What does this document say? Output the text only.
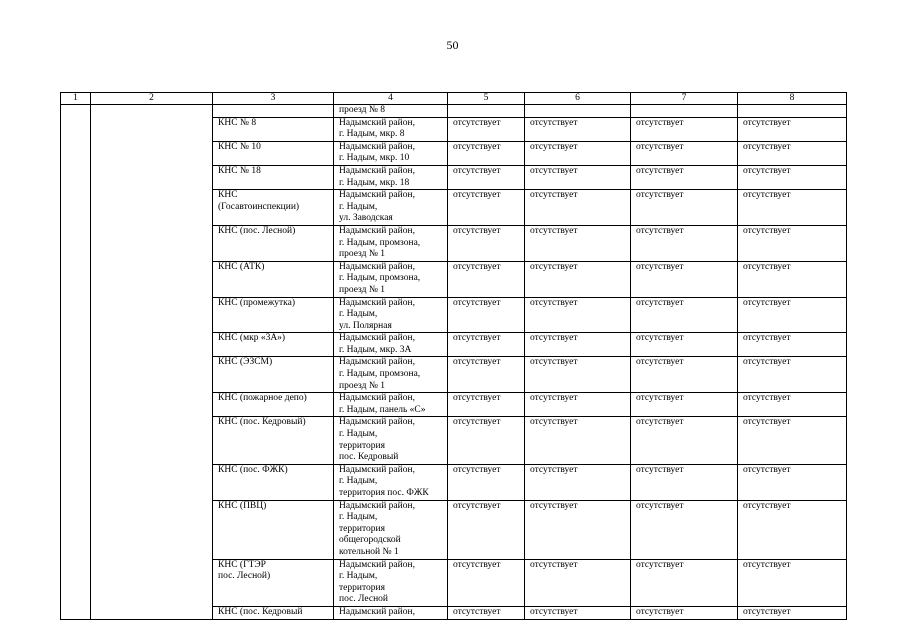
50
1	2	3	4	5	6	7	8
			проезд № 8				
		КНС № 8	Надымский район,
г. Надым, мкр. 8	отсутствует	отсутствует	отсутствует	отсутствует
		КНС № 10	Надымский район,
г. Надым, мкр. 10	отсутствует	отсутствует	отсутствует	отсутствует
		КНС № 18	Надымский район,
г. Надым, мкр. 18	отсутствует	отсутствует	отсутствует	отсутствует
		КНС
(Госавтоинспекции)	Надымский район,
г. Надым,
ул. Заводская	отсутствует	отсутствует	отсутствует	отсутствует
		КНС (пос. Лесной)	Надымский район,
г. Надым, промзона,
проезд № 1	отсутствует	отсутствует	отсутствует	отсутствует
		КНС (АТК)	Надымский район,
г. Надым, промзона,
проезд № 1	отсутствует	отсутствует	отсутствует	отсутствует
		КНС (промежутка)	Надымский район,
г. Надым,
ул. Полярная	отсутствует	отсутствует	отсутствует	отсутствует
		КНС (мкр «3А»)	Надымский район,
г. Надым, мкр. 3А	отсутствует	отсутствует	отсутствует	отсутствует
		КНС (ЭЗСМ)	Надымский район,
г. Надым, промзона,
проезд № 1	отсутствует	отсутствует	отсутствует	отсутствует
		КНС (пожарное депо)	Надымский район,
г. Надым, панель «С»	отсутствует	отсутствует	отсутствует	отсутствует
		КНС (пос. Кедровый)	Надымский район,
г. Надым,
территория
пос. Кедровый	отсутствует	отсутствует	отсутствует	отсутствует
		КНС (пос. ФЖК)	Надымский район,
г. Надым,
территория пос. ФЖК	отсутствует	отсутствует	отсутствует	отсутствует
		КНС (ПВЦ)	Надымский район,
г. Надым,
территория
общегородской
котельной № 1	отсутствует	отсутствует	отсутствует	отсутствует
		КНС (ГТЭР
пос. Лесной)	Надымский район,
г. Надым,
территория
пос. Лесной	отсутствует	отсутствует	отсутствует	отсутствует
		КНС (пос. Кедровый	Надымский район,	отсутствует	отсутствует	отсутствует	отсутствует
